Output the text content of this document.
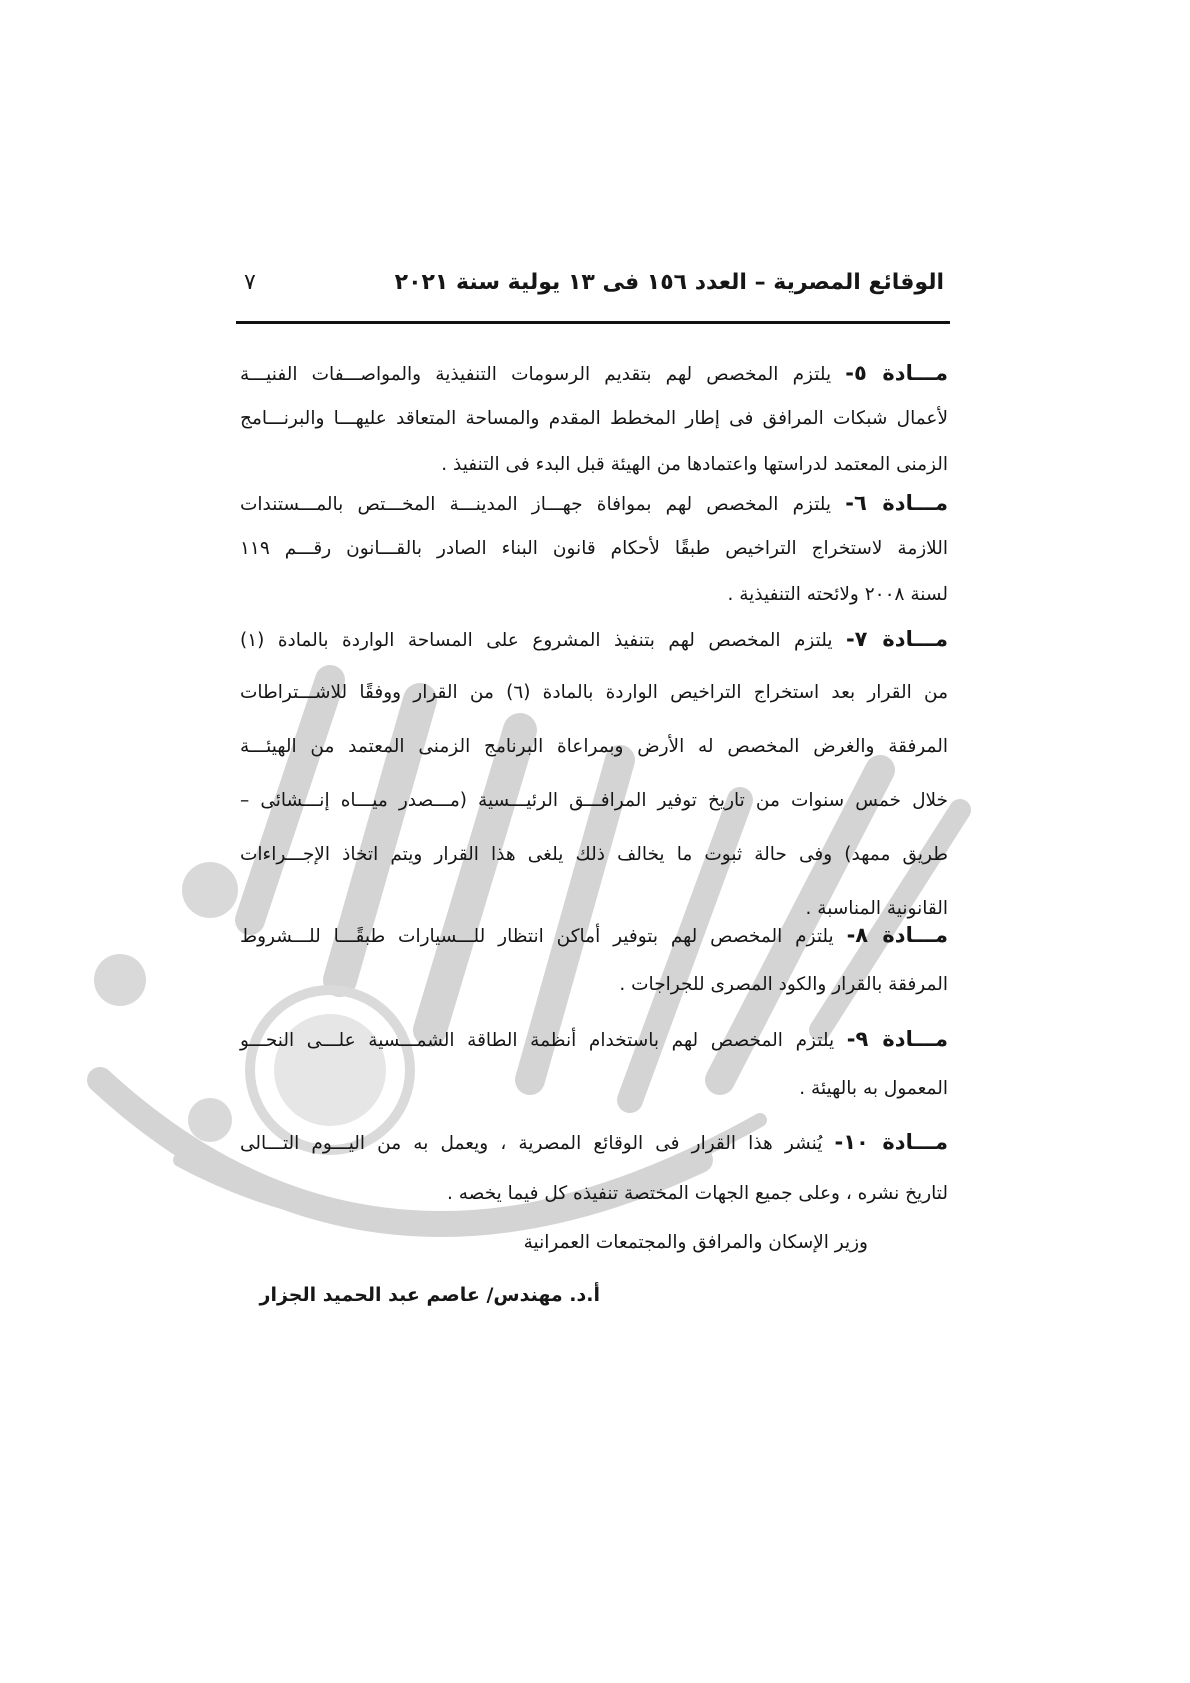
الوقائع المصرية – العدد ١٥٦ فى ١٣ يولية سنة ٢٠٢١
٧
مـــادة ٥- يلتزم المخصص لهم بتقديم الرسومات التنفيذية والمواصـــفات الفنيـــة
لأعمال شبكات المرافق فى إطار المخطط المقدم والمساحة المتعاقد عليهـــا والبرنـــامج
الزمنى المعتمد لدراستها واعتمادها من الهيئة قبل البدء فى التنفيذ .
مـــادة ٦- يلتزم المخصص لهم بموافاة جهـــاز المدينـــة المخـــتص بالمـــستندات
اللازمة لاستخراج التراخيص طبقًا لأحكام قانون البناء الصادر بالقـــانون رقـــم ١١٩
لسنة ٢٠٠٨ ولائحته التنفيذية .
مـــادة ٧- يلتزم المخصص لهم بتنفيذ المشروع على المساحة الواردة بالمادة (١)
من القرار بعد استخراج التراخيص الواردة بالمادة (٦) من القرار ووفقًا للاشـــتراطات
المرفقة والغرض المخصص له الأرض وبمراعاة البرنامج الزمنى المعتمد من الهيئـــة
خلال خمس سنوات من تاريخ توفير المرافـــق الرئيـــسية (مـــصدر ميـــاه إنـــشائى –
طريق ممهد) وفى حالة ثبوت ما يخالف ذلك يلغى هذا القرار ويتم اتخاذ الإجـــراءات
القانونية المناسبة .
مـــادة ٨- يلتزم المخصص لهم بتوفير أماكن انتظار للـــسيارات طبقًـــا للـــشروط
المرفقة بالقرار والكود المصرى للجراجات .
مـــادة ٩- يلتزم المخصص لهم باستخدام أنظمة الطاقة الشمـــسية علـــى النحـــو
المعمول به بالهيئة .
مـــادة ١٠- يُنشر هذا القرار فى الوقائع المصرية ، ويعمل به من اليـــوم التـــالى
لتاريخ نشره ، وعلى جميع الجهات المختصة تنفيذه كل فيما يخصه .
وزير الإسكان والمرافق والمجتمعات العمرانية
أ.د. مهندس/ عاصم عبد الحميد الجزار
